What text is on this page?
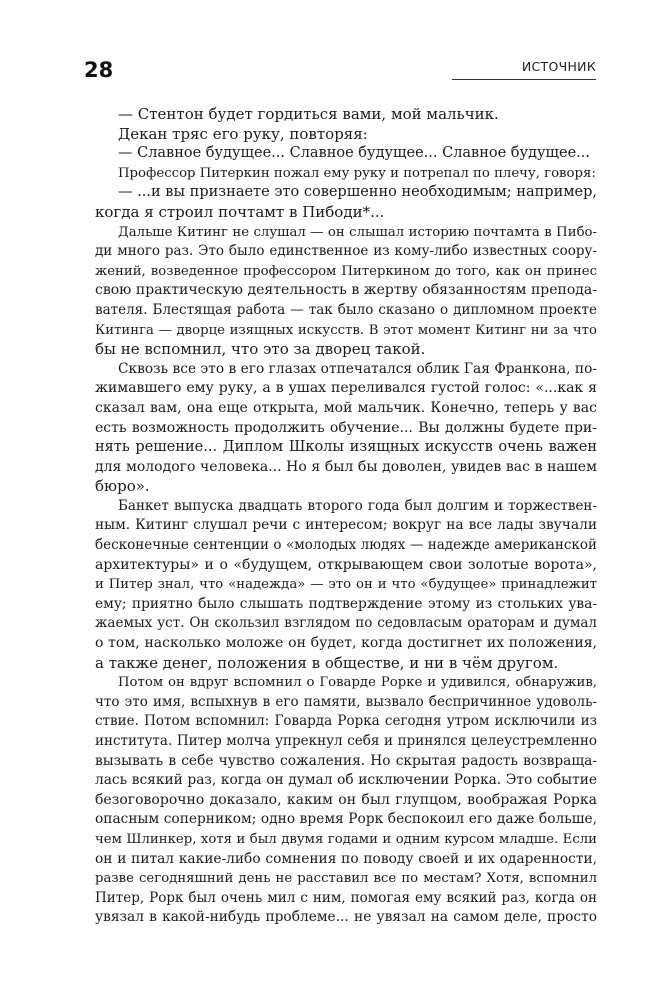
28	ИСТОЧНИК
— Стентон будет гордиться вами, мой мальчик.
Декан тряс его руку, повторяя:
— Славное будущее... Славное будущее... Славное будущее...
Профессор Питеркин пожал ему руку и потрепал по плечу, говоря:
— ...и вы признаете это совершенно необходимым; например,
когда я строил почтамт в Пибоди*...
Дальше Китинг не слушал — он слышал историю почтамта в Пибо-
ди много раз. Это было единственное из кому-либо известных соору-
жений, возведенное профессором Питеркином до того, как он принес
свою практическую деятельность в жертву обязанностям препода-
вателя. Блестящая работа — так было сказано о дипломном проекте
Китинга — дворце изящных искусств. В этот момент Китинг ни за что
бы не вспомнил, что это за дворец такой.
Сквозь все это в его глазах отпечатался облик Гая Франкона, по-
жимавшего ему руку, а в ушах переливался густой голос: «...как я
сказал вам, она еще открыта, мой мальчик. Конечно, теперь у вас
есть возможность продолжить обучение... Вы должны будете при-
нять решение... Диплом Школы изящных искусств очень важен
для молодого человека... Но я был бы доволен, увидев вас в нашем
бюро».
Банкет выпуска двадцать второго года был долгим и торжествен-
ным. Китинг слушал речи с интересом; вокруг на все лады звучали
бесконечные сентенции о «молодых людях — надежде американской
архитектуры» и о «будущем, открывающем свои золотые ворота»,
и Питер знал, что «надежда» — это он и что «будущее» принадлежит
ему; приятно было слышать подтверждение этому из стольких ува-
жаемых уст. Он скользил взглядом по седовласым ораторам и думал
о том, насколько моложе он будет, когда достигнет их положения,
а также денег, положения в обществе, и ни в чём другом.
Потом он вдруг вспомнил о Говарде Рорке и удивился, обнаружив,
что это имя, вспыхнув в его памяти, вызвало беспричинное удоволь-
ствие. Потом вспомнил: Говарда Рорка сегодня утром исключили из
института. Питер молча упрекнул себя и принялся целеустремленно
вызывать в себе чувство сожаления. Но скрытая радость возвраща-
лась всякий раз, когда он думал об исключении Рорка. Это событие
безоговорочно доказало, каким он был глупцом, воображая Рорка
опасным соперником; одно время Рорк беспокоил его даже больше,
чем Шлинкер, хотя и был двумя годами и одним курсом младше. Если
он и питал какие-либо сомнения по поводу своей и их одаренности,
разве сегодняшний день не расставил все по местам? Хотя, вспомнил
Питер, Рорк был очень мил с ним, помогая ему всякий раз, когда он
увязал в какой-нибудь проблеме... не увязал на самом деле, просто
